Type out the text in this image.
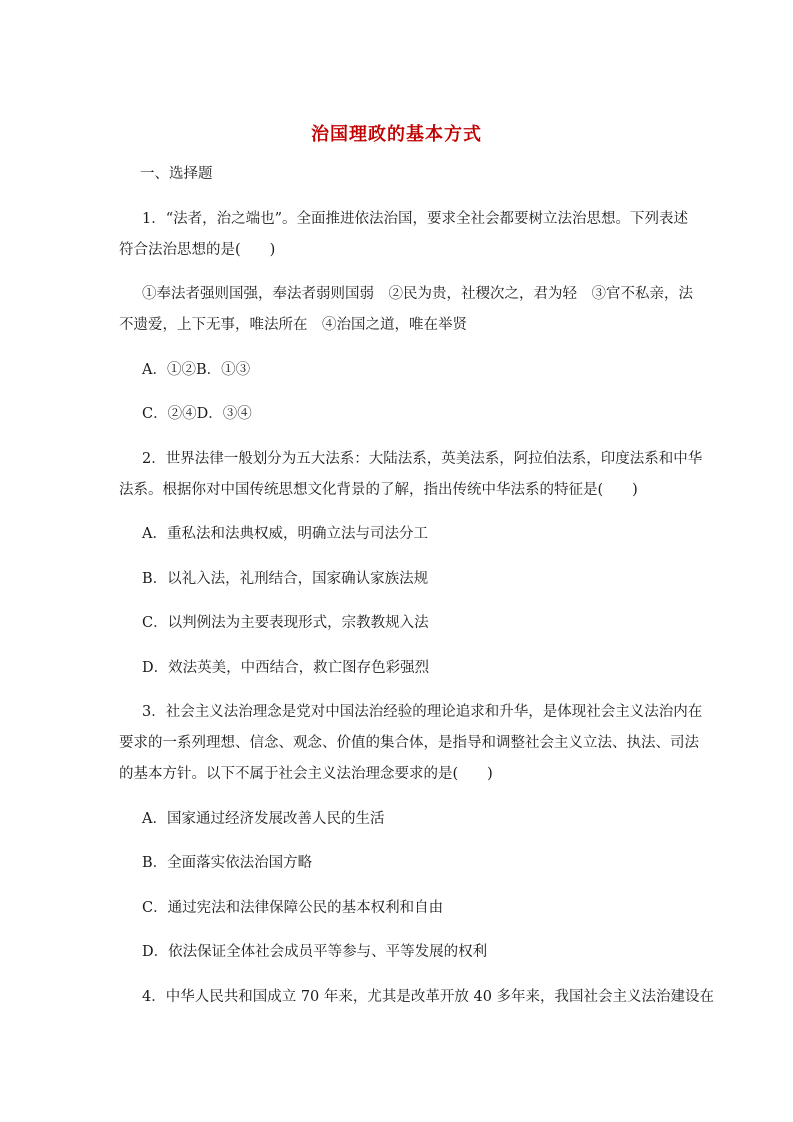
治国理政的基本方式
一、选择题
1．“法者，治之端也”。全面推进依法治国，要求全社会都要树立法治思想。下列表述
符合法治思想的是(　　)
①奉法者强则国强，奉法者弱则国弱　②民为贵，社稷次之，君为轻　③官不私亲，法
不遗爱，上下无事，唯法所在　④治国之道，唯在举贤
A．①②B．①③
C．②④D．③④
2．世界法律一般划分为五大法系：大陆法系，英美法系，阿拉伯法系，印度法系和中华
法系。根据你对中国传统思想文化背景的了解，指出传统中华法系的特征是(　　)
A．重私法和法典权威，明确立法与司法分工
B．以礼入法，礼刑结合，国家确认家族法规
C．以判例法为主要表现形式，宗教教规入法
D．效法英美，中西结合，救亡图存色彩强烈
3．社会主义法治理念是党对中国法治经验的理论追求和升华，是体现社会主义法治内在
要求的一系列理想、信念、观念、价值的集合体，是指导和调整社会主义立法、执法、司法
的基本方针。以下不属于社会主义法治理念要求的是(　　)
A．国家通过经济发展改善人民的生活
B．全面落实依法治国方略
C．通过宪法和法律保障公民的基本权利和自由
D．依法保证全体社会成员平等参与、平等发展的权利
4．中华人民共和国成立 70 年来，尤其是改革开放 40 多年来，我国社会主义法治建设在
